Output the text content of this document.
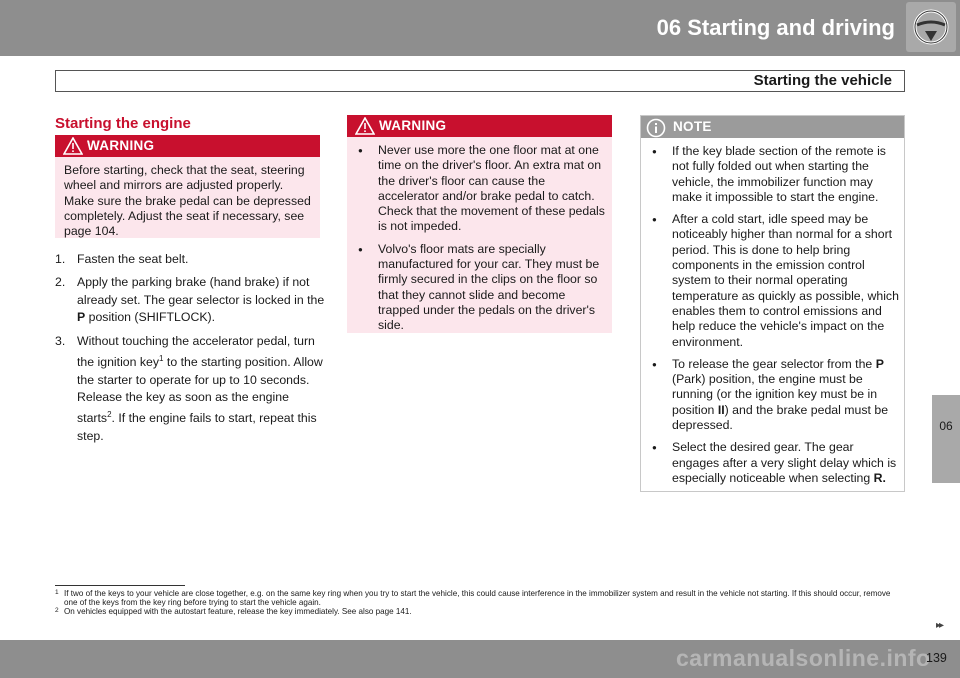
06 Starting and driving
Starting the vehicle
06
Starting the engine
WARNING
Before starting, check that the seat, steering wheel and mirrors are adjusted properly. Make sure the brake pedal can be depressed completely. Adjust the seat if necessary, see page 104.
1. Fasten the seat belt.
2. Apply the parking brake (hand brake) if not already set. The gear selector is locked in the P position (SHIFTLOCK).
3. Without touching the accelerator pedal, turn the ignition key$^1$ to the starting position. Allow the starter to operate for up to 10 seconds. Release the key as soon as the engine starts$^2$. If the engine fails to start, repeat this step.
WARNING
● Never use more the one floor mat at one time on the driver's floor. An extra mat on the driver's floor can cause the accelerator and/or brake pedal to catch. Check that the movement of these pedals is not impeded.
● Volvo's floor mats are specially manufactured for your car. They must be firmly secured in the clips on the floor so that they cannot slide and become trapped under the pedals on the driver's side.
NOTE
● If the key blade section of the remote is not fully folded out when starting the vehicle, the immobilizer function may make it impossible to start the engine.
● After a cold start, idle speed may be noticeably higher than normal for a short period. This is done to help bring components in the emission control system to their normal operating temperature as quickly as possible, which enables them to control emissions and help reduce the vehicle's impact on the environment.
● To release the gear selector from the P (Park) position, the engine must be running (or the ignition key must be in position II) and the brake pedal must be depressed.
● Select the desired gear. The gear engages after a very slight delay which is especially noticeable when selecting R.
1 If two of the keys to your vehicle are close together, e.g. on the same key ring when you try to start the vehicle, this could cause interference in the immobilizer system and result in the vehicle not starting. If this should occur, remove one of the keys from the key ring before trying to start the vehicle again.
2 On vehicles equipped with the autostart feature, release the key immediately. See also page 141.
carmanualsonline.info
▸▸
139
